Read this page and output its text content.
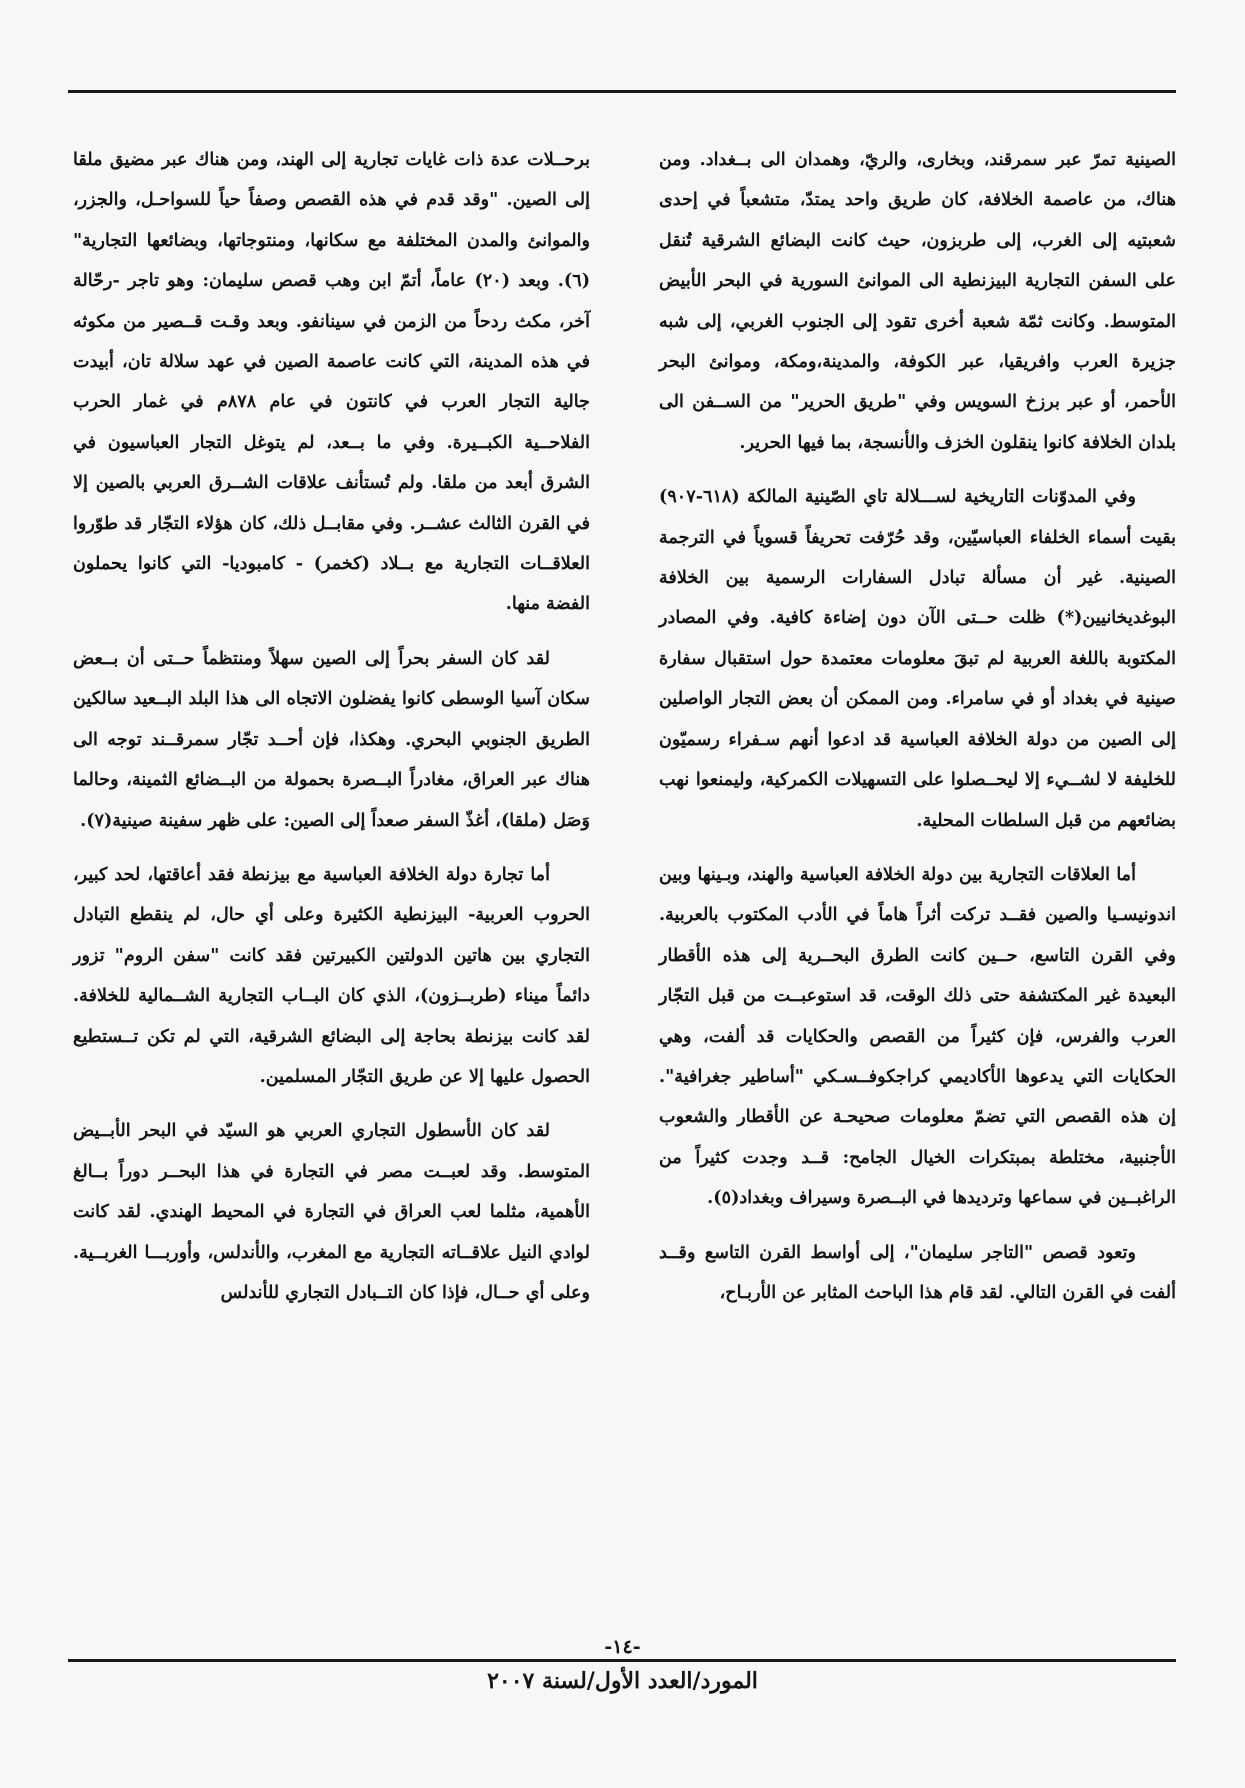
الصينية تمرّ عبر سمرقند، وبخارى، والريّ، وهمدان الى بــغداد. ومن هناك، من عاصمة الخلافة، كان طريق واحد يمتدّ، متشعباً في إحدى شعبتيه إلى الغرب، إلى طربزون، حيث كانت البضائع الشرقية تُنقل على السفن التجارية البيزنطية الى الموانئ السورية في البحر الأبيض المتوسط. وكانت ثمّة شعبة أخرى تقود إلى الجنوب الغربي، إلى شبه جزيرة العرب وافريقيا، عبر الكوفة، والمدينة،ومكة، وموانئ البحر الأحمر، أو عبر برزخ السويس وفي "طريق الحرير" من الســفن الى بلدان الخلافة كانوا ينقلون الخزف والأنسجة، بما فيها الحرير.

وفي المدوّنات التاريخية لســـلالة تاي الصّينية المالكة (٦١٨-٩٠٧) بقيت أسماء الخلفاء العباسيّين، وقد حُرّفت تحريفاً قسوياً في الترجمة الصينية. غير أن مسألة تبادل السفارات الرسمية بين الخلافة البوغديخانيين(*) ظلت حــتى الآن دون إضاءة كافية. وفي المصادر المكتوبة باللغة العربية لم تبقَ معلومات معتمدة حول استقبال سفارة صينية في بغداد أو في سامراء. ومن الممكن أن بعض التجار الواصلين إلى الصين من دولة الخلافة العباسية قد ادعوا أنهم سـفراء رسميّون للخليفة لا لشــيء إلا ليحــصلوا على التسهيلات الكمركية، وليمنعوا نهب بضائعهم من قبل السلطات المحلية.

أما العلاقات التجارية بين دولة الخلافة العباسية والهند، وبـينها وبين اندونيسـيا والصين فقــد تركت أثراً هاماً في الأدب المكتوب بالعربية. وفي القرن التاسع، حــين كانت الطرق البحــرية إلى هذه الأقطار البعيدة غير المكتشفة حتى ذلك الوقت، قد استوعبــت من قبل التجّار العرب والفرس، فإن كثيراً من القصص والحكايات قد ألفت، وهي الحكايات التي يدعوها الأكاديمي كراجكوفــسـكي "أساطير جغرافية". إن هذه القصص التي تضمّ معلومات صحيحـة عن الأقطار والشعوب الأجنبية، مختلطة بمبتكرات الخيال الجامح: قــد وجدت كثيراً من الراغبــين في سماعها وترديدها في البــصرة وسيراف وبغداد(٥).

وتعود قصص "التاجر سليمان"، إلى أواسط القرن التاسع وقــد ألفت في القرن التالي. لقد قام هذا الباحث المثابر عن الأربـاح،

برحــلات عدة ذات غايات تجارية إلى الهند، ومن هناك عبر مضيق ملقا إلى الصين. "وقد قدم في هذه القصص وصفاً حياً للسواحـل، والجزر، والموانئ والمدن المختلفة مع سكانها، ومنتوجاتها، وبضائعها التجارية"(٦). وبعد (٢٠) عاماً، أتمّ ابن وهب قصص سليمان: وهو تاجر -رحّالة آخر، مكث ردحاً من الزمن في سينانفو. وبعد وقـت قــصير من مكوثه في هذه المدينة، التي كانت عاصمة الصين في عهد سلالة تان، أبيدت جالية التجار العرب في كانتون في عام ٨٧٨م في غمار الحرب الفلاحــية الكبــيرة. وفي ما بــعد، لم يتوغل التجار العباسيون في الشرق أبعد من ملقا. ولم تُستأنف علاقات الشــرق العربي بالصين إلا في القرن الثالث عشــر. وفي مقابــل ذلك، كان هؤلاء التجّار قد طوّروا العلاقــات التجارية مع بــلاد (كخمر) - كامبوديا- التي كانوا يحملون الفضة منها.

لقد كان السفر بحراً إلى الصين سهلاً ومنتظماً حــتى أن بــعض سكان آسيا الوسطى كانوا يفضلون الاتجاه الى هذا البلد البــعيد سالكين الطريق الجنوبي البحري. وهكذا، فإن أحــد تجّار سمرقــند توجه الى هناك عبر العراق، مغادراً البــصرة بحمولة من البــضائع الثمينة، وحالما وَصَل (ملقا)، أغذّ السفر صعداً إلى الصين: على ظهر سفينة صينية(٧).

أما تجارة دولة الخلافة العباسية مع بيزنطة فقد أعاقتها، لحد كبير، الحروب العربية- البيزنطية الكثيرة وعلى أي حال، لم ينقطع التبادل التجاري بين هاتين الدولتين الكبيرتين فقد كانت "سفن الروم" تزور دائماً ميناء (طربــزون)، الذي كان البــاب التجارية الشــمالية للخلافة. لقد كانت بيزنطة بحاجة إلى البضائع الشرقية، التي لم تكن تــستطيع الحصول عليها إلا عن طريق التجّار المسلمين.

لقد كان الأسطول التجاري العربي هو السيّد في البحر الأبــيض المتوسط. وقد لعبــت مصر في التجارة في هذا البحــر دوراً بــالغ الأهمية، مثلما لعب العراق في التجارة في المحيط الهندي. لقد كانت لوادي النيل علاقــاته التجارية مع المغرب، والأندلس، وأوربـــا الغربــية. وعلى أي حــال، فإذا كان التــبادل التجاري للأندلس

-١٤-
المورد/العدد الأول/لسنة ٢٠٠٧
